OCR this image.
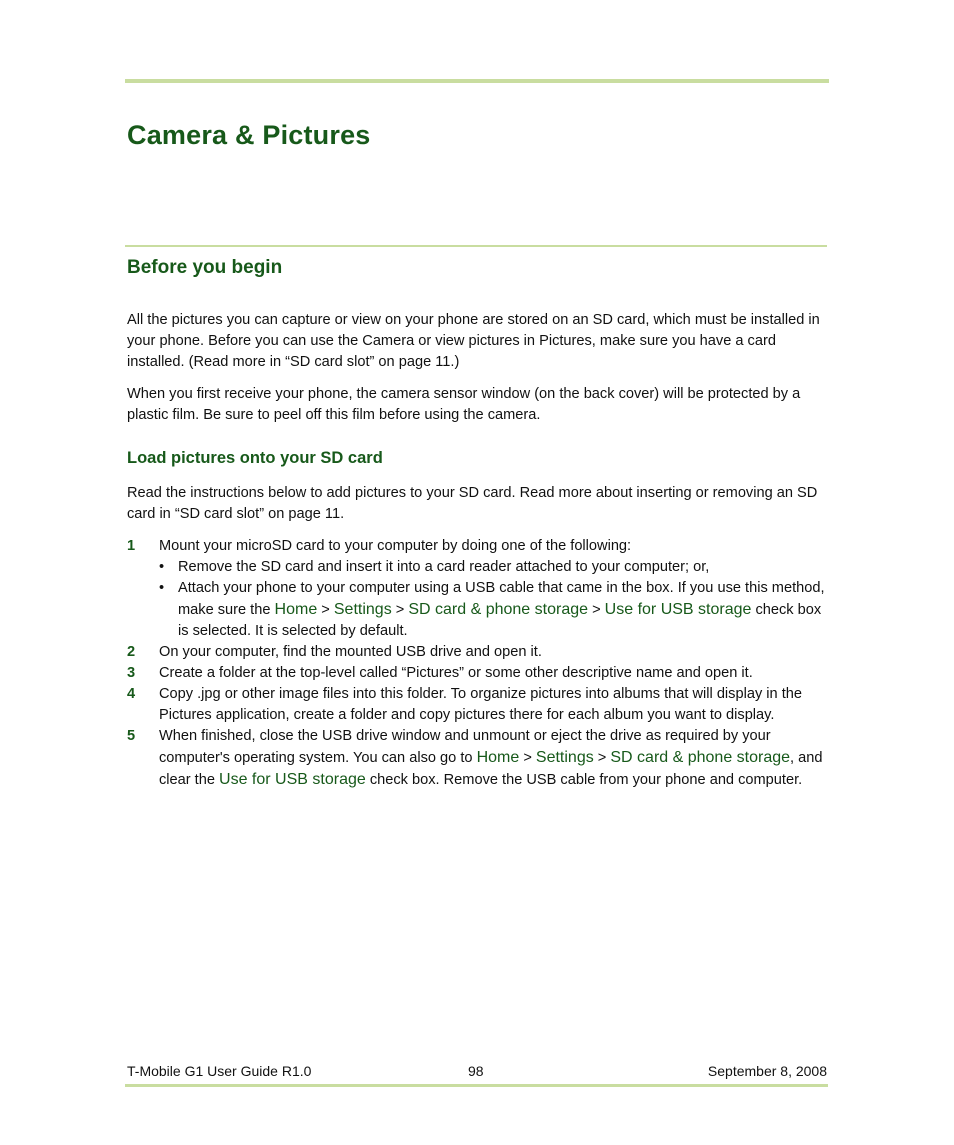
Camera & Pictures
Before you begin

All the pictures you can capture or view on your phone are stored on an SD card, which must be installed in your phone. Before you can use the Camera or view pictures in Pictures, make sure you have a card installed. (Read more in “SD card slot” on page 11.)

When you first receive your phone, the camera sensor window (on the back cover) will be protected by a plastic film. Be sure to peel off this film before using the camera.

Load pictures onto your SD card

Read the instructions below to add pictures to your SD card. Read more about inserting or removing an SD card in “SD card slot” on page 11.

1 Mount your microSD card to your computer by doing one of the following:
• Remove the SD card and insert it into a card reader attached to your computer; or,
• Attach your phone to your computer using a USB cable that came in the box. If you use this method, make sure the Home > Settings > SD card & phone storage > Use for USB storage check box is selected. It is selected by default.
2 On your computer, find the mounted USB drive and open it.
3 Create a folder at the top-level called “Pictures” or some other descriptive name and open it.
4 Copy .jpg or other image files into this folder. To organize pictures into albums that will display in the Pictures application, create a folder and copy pictures there for each album you want to display.
5 When finished, close the USB drive window and unmount or eject the drive as required by your computer's operating system. You can also go to Home > Settings > SD card & phone storage, and clear the Use for USB storage check box. Remove the USB cable from your phone and computer.
T-Mobile G1 User Guide R1.0	98	September 8, 2008
